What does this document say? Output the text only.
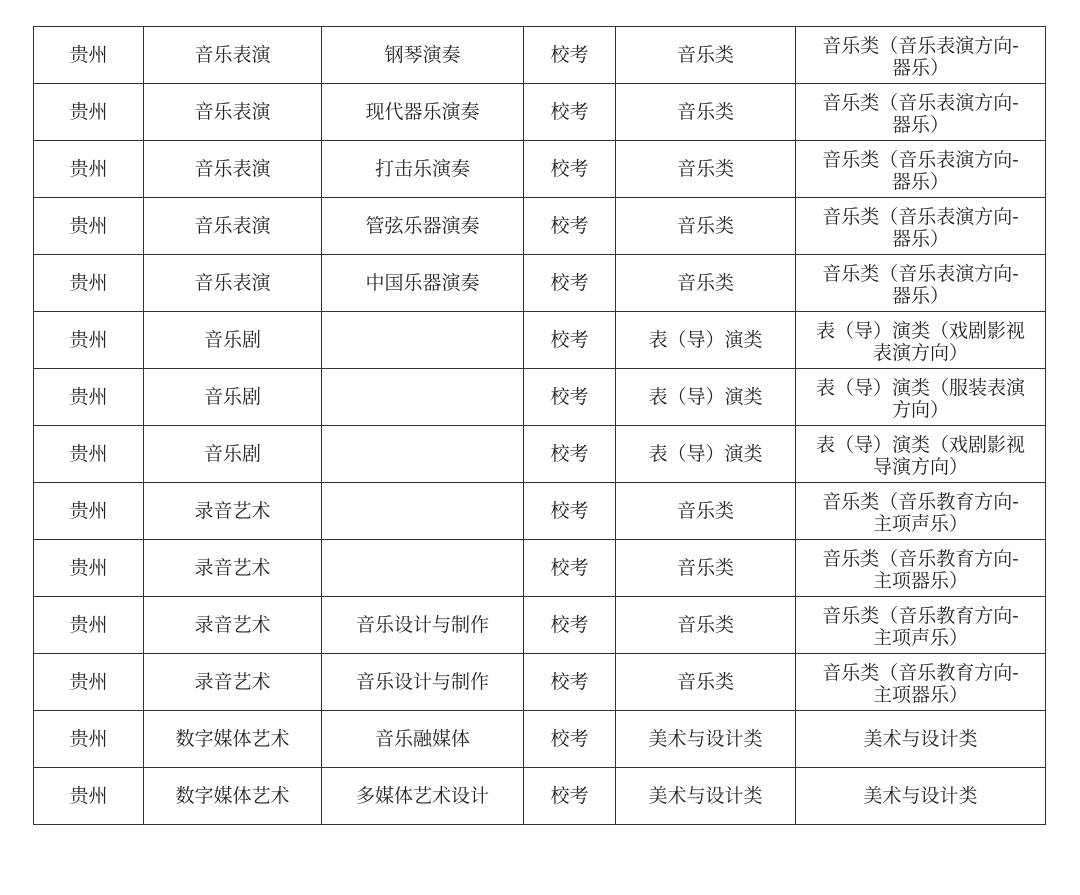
贵州	音乐表演	钢琴演奏	校考	音乐类	音乐类（音乐表演方向-
器乐）

贵州	音乐表演	现代器乐演奏	校考	音乐类	音乐类（音乐表演方向-
器乐）

贵州	音乐表演	打击乐演奏	校考	音乐类	音乐类（音乐表演方向-
器乐）

贵州	音乐表演	管弦乐器演奏	校考	音乐类	音乐类（音乐表演方向-
器乐）

贵州	音乐表演	中国乐器演奏	校考	音乐类	音乐类（音乐表演方向-
器乐）

贵州	音乐剧		校考	表（导）演类	表（导）演类（戏剧影视
表演方向）

贵州	音乐剧		校考	表（导）演类	表（导）演类（服装表演
方向）

贵州	音乐剧		校考	表（导）演类	表（导）演类（戏剧影视
导演方向）

贵州	录音艺术		校考	音乐类	音乐类（音乐教育方向-
主项声乐）

贵州	录音艺术		校考	音乐类	音乐类（音乐教育方向-
主项器乐）

贵州	录音艺术	音乐设计与制作	校考	音乐类	音乐类（音乐教育方向-
主项声乐）

贵州	录音艺术	音乐设计与制作	校考	音乐类	音乐类（音乐教育方向-
主项器乐）

贵州	数字媒体艺术	音乐融媒体	校考	美术与设计类	美术与设计类

贵州	数字媒体艺术	多媒体艺术设计	校考	美术与设计类	美术与设计类
